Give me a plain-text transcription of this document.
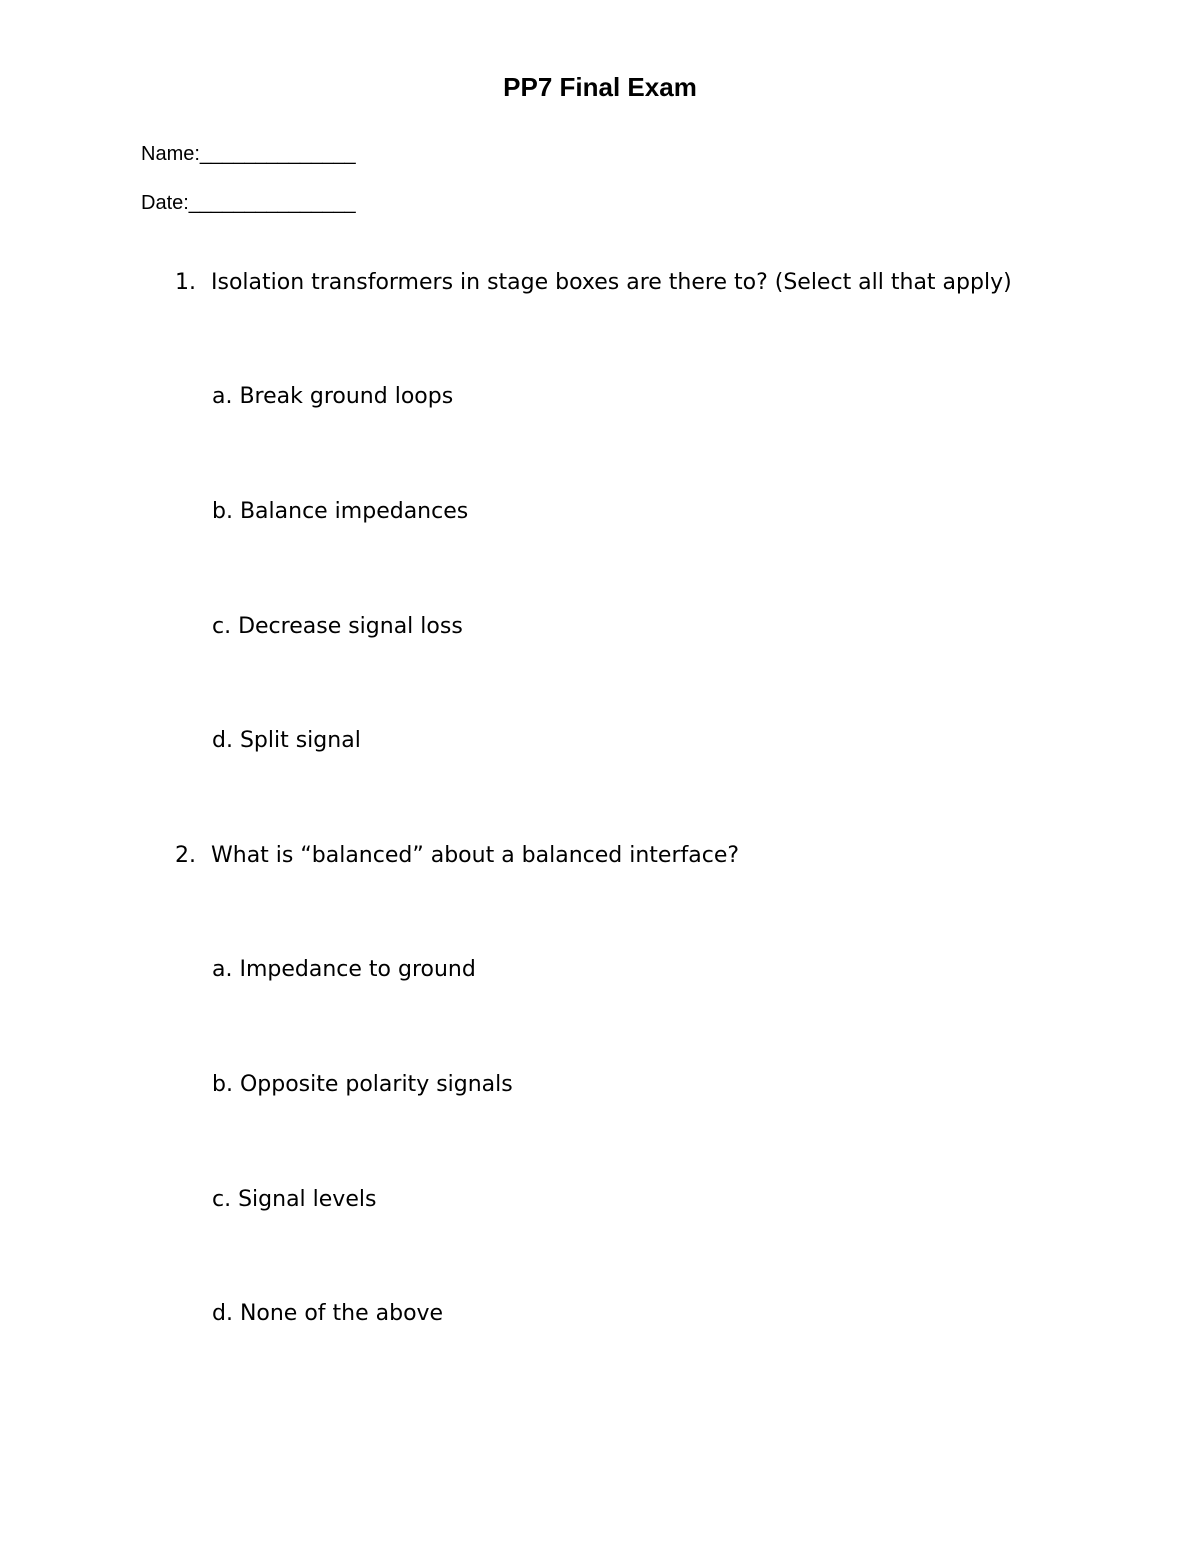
PP7 Final Exam
Name:______________
Date:_______________
1. Isolation transformers in stage boxes are there to? (Select all that apply)
a. Break ground loops
b. Balance impedances
c. Decrease signal loss
d. Split signal
2. What is “balanced” about a balanced interface?
a. Impedance to ground
b. Opposite polarity signals
c. Signal levels
d. None of the above
